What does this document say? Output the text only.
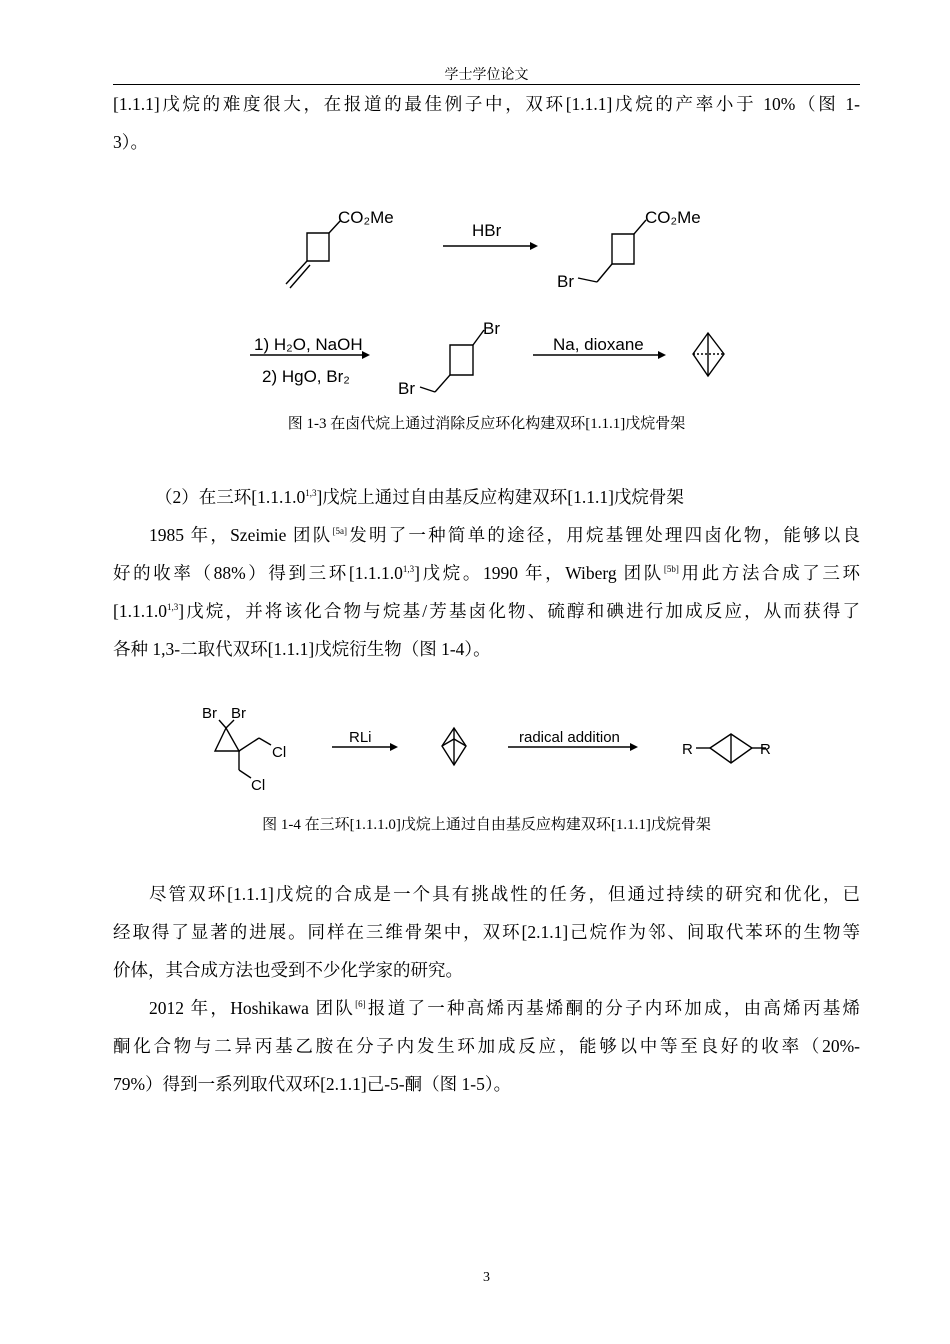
学士学位论文
[1.1.1]戊烷的难度很大，在报道的最佳例子中，双环[1.1.1]戊烷的产率小于 10%（图 1-
3）。
CO₂Me
HBr
CO₂Me
Br
1) H₂O, NaOH
2) HgO, Br₂
Br
Br
Na, dioxane
图 1-3 在卤代烷上通过消除反应环化构建双环[1.1.1]戊烷骨架
（2）在三环[1.1.1.0$^{1,3}$]戊烷上通过自由基反应构建双环[1.1.1]戊烷骨架
1985 年，Szeimie 团队[5a]发明了一种简单的途径，用烷基锂处理四卤化物，能够以良
好的收率（88%）得到三环[1.1.1.0$^{1,3}$]戊烷。1990 年，Wiberg 团队[5b]用此方法合成了三环
[1.1.1.0$^{1,3}$]戊烷，并将该化合物与烷基/芳基卤化物、硫醇和碘进行加成反应，从而获得了
各种 1,3-二取代双环[1.1.1]戊烷衍生物（图 1-4）。
Br Br
Cl
Cl
RLi	radical addition
R	R
图 1-4 在三环[1.1.1.0]戊烷上通过自由基反应构建双环[1.1.1]戊烷骨架
尽管双环[1.1.1]戊烷的合成是一个具有挑战性的任务，但通过持续的研究和优化，已
经取得了显著的进展。同样在三维骨架中，双环[2.1.1]己烷作为邻、间取代苯环的生物等
价体，其合成方法也受到不少化学家的研究。
2012 年，Hoshikawa 团队[6]报道了一种高烯丙基烯酮的分子内环加成，由高烯丙基烯
酮化合物与二异丙基乙胺在分子内发生环加成反应，能够以中等至良好的收率（20%-
79%）得到一系列取代双环[2.1.1]己-5-酮（图 1-5）。
3
